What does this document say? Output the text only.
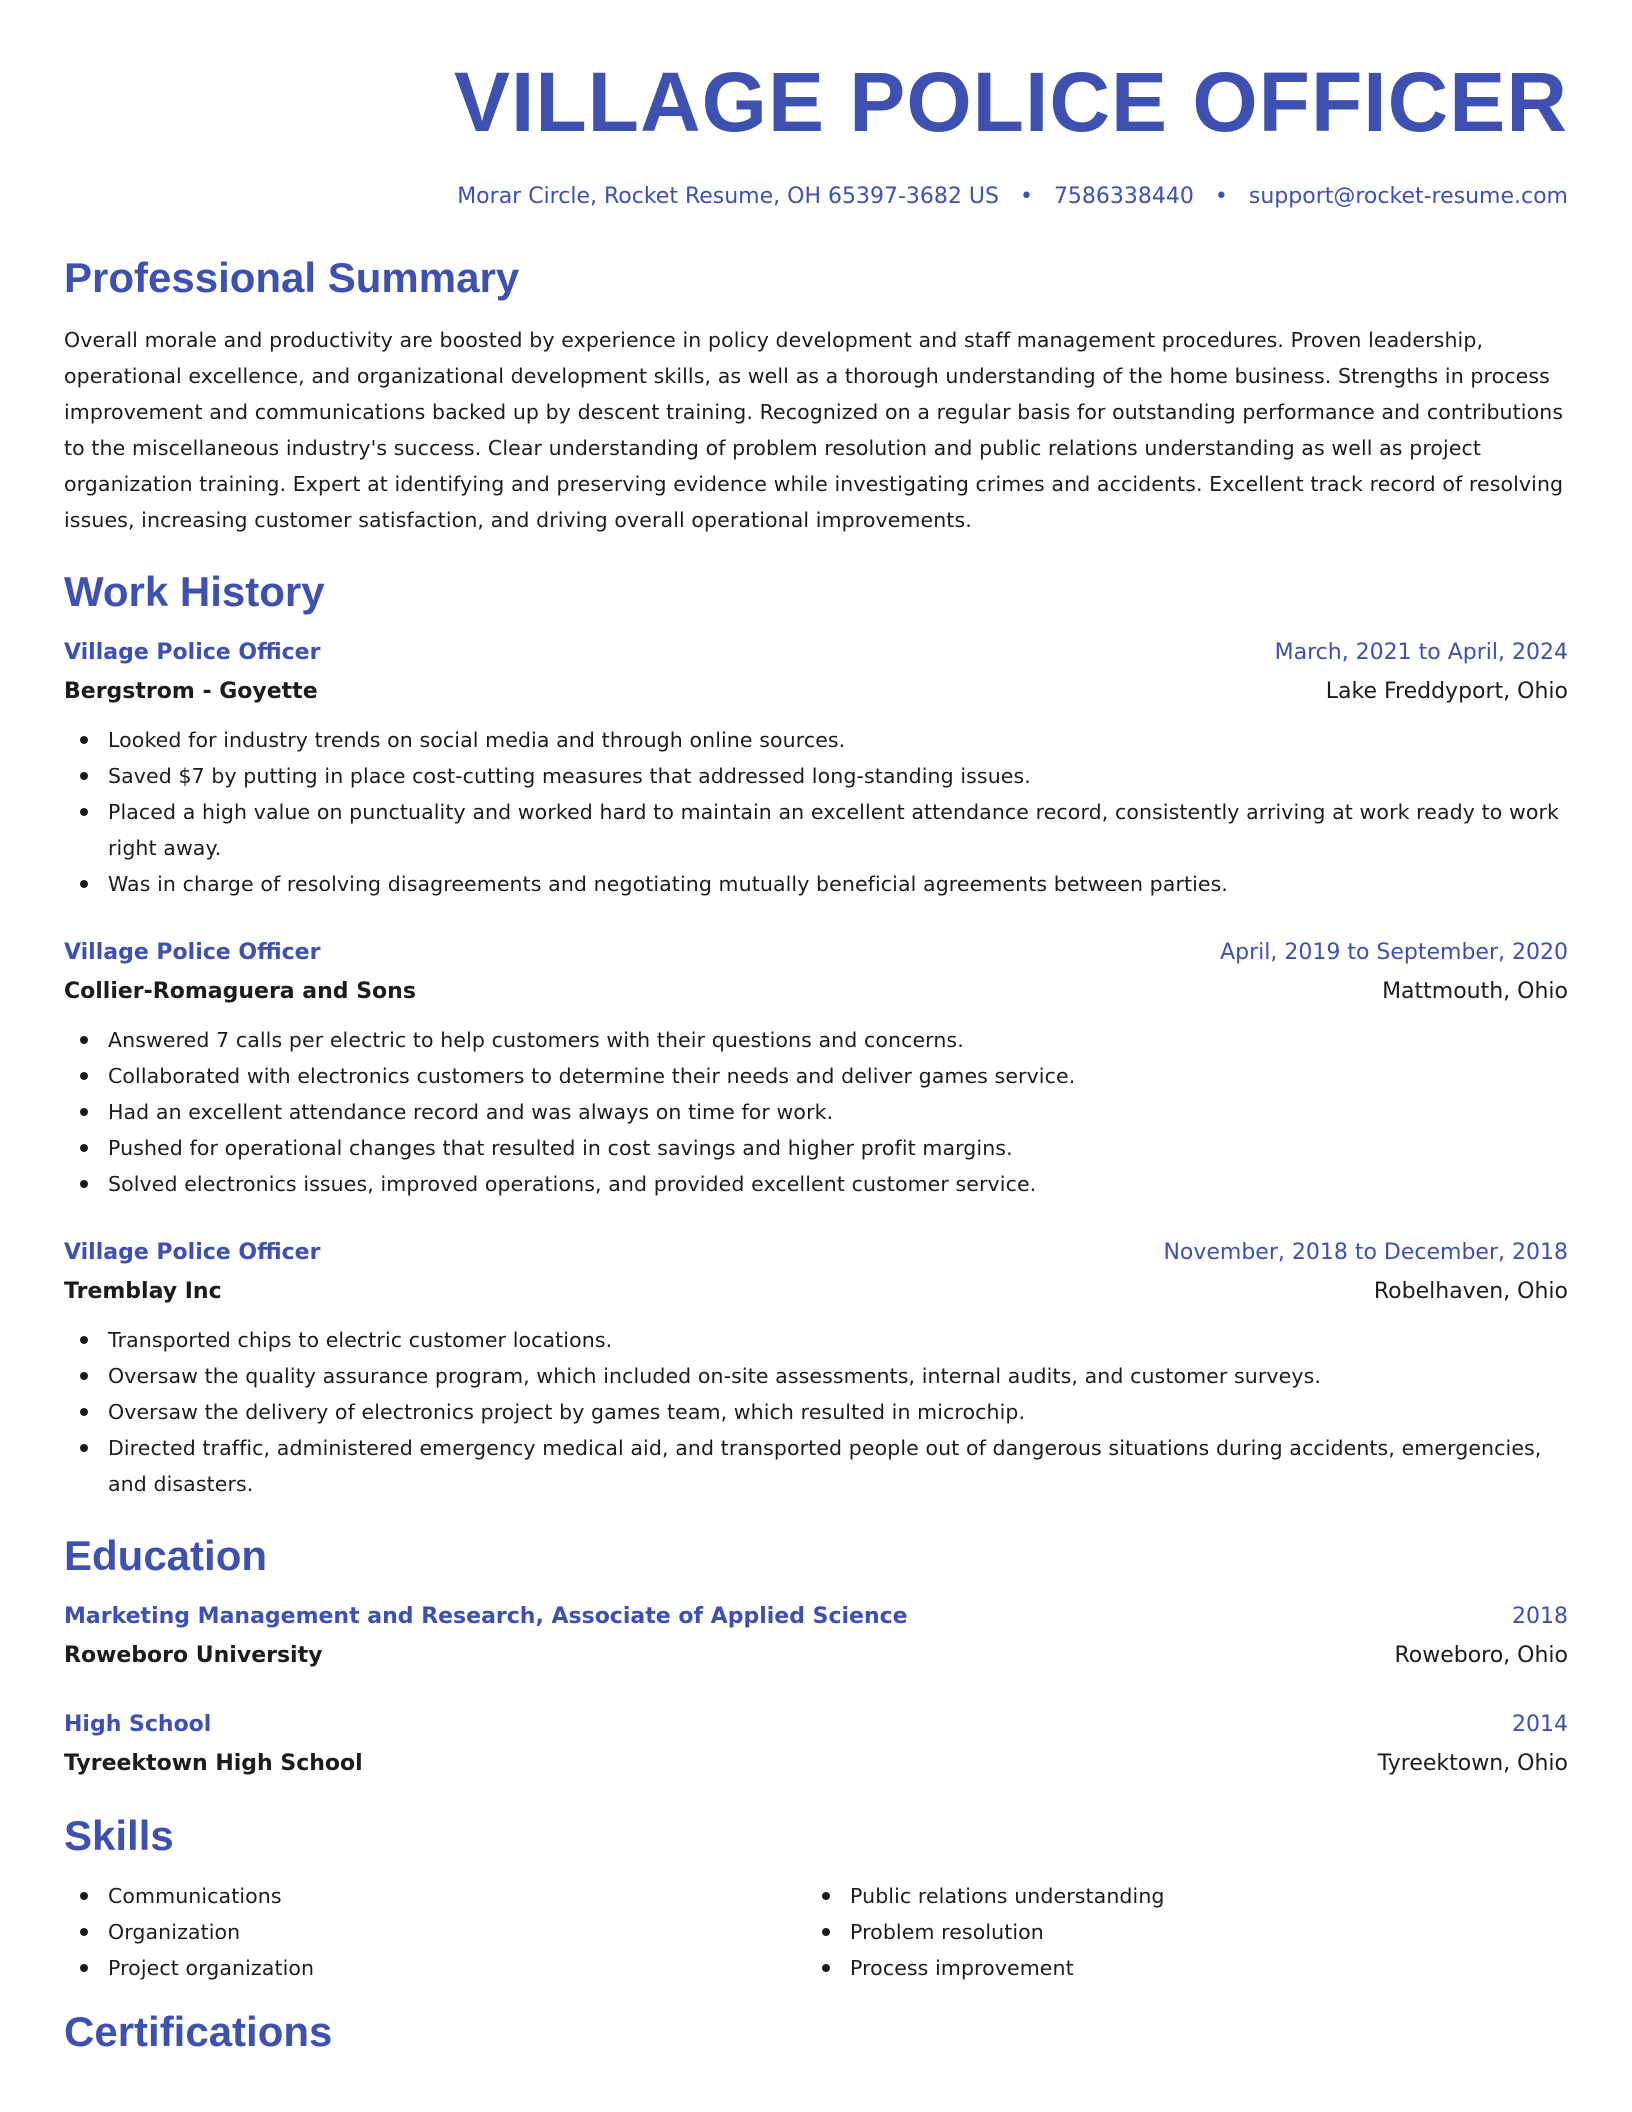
VILLAGE POLICE OFFICER
Morar Circle, Rocket Resume, OH 65397-3682 US • 7586338440 • support@rocket-resume.com
Professional Summary

Overall morale and productivity are boosted by experience in policy development and staff management procedures. Proven leadership, operational excellence, and organizational development skills, as well as a thorough understanding of the home business. Strengths in process improvement and communications backed up by descent training. Recognized on a regular basis for outstanding performance and contributions to the miscellaneous industry's success. Clear understanding of problem resolution and public relations understanding as well as project organization training. Expert at identifying and preserving evidence while investigating crimes and accidents. Excellent track record of resolving issues, increasing customer satisfaction, and driving overall operational improvements.

Work History
Village Police Officer	March, 2021 to April, 2024
Bergstrom - Goyette	Lake Freddyport, Ohio
Looked for industry trends on social media and through online sources.
Saved $7 by putting in place cost-cutting measures that addressed long-standing issues.
Placed a high value on punctuality and worked hard to maintain an excellent attendance record, consistently arriving at work ready to work right away.
Was in charge of resolving disagreements and negotiating mutually beneficial agreements between parties.
Village Police Officer	April, 2019 to September, 2020
Collier-Romaguera and Sons	Mattmouth, Ohio
Answered 7 calls per electric to help customers with their questions and concerns.
Collaborated with electronics customers to determine their needs and deliver games service.
Had an excellent attendance record and was always on time for work.
Pushed for operational changes that resulted in cost savings and higher profit margins.
Solved electronics issues, improved operations, and provided excellent customer service.
Village Police Officer	November, 2018 to December, 2018
Tremblay Inc	Robelhaven, Ohio
Transported chips to electric customer locations.
Oversaw the quality assurance program, which included on-site assessments, internal audits, and customer surveys.
Oversaw the delivery of electronics project by games team, which resulted in microchip.
Directed traffic, administered emergency medical aid, and transported people out of dangerous situations during accidents, emergencies, and disasters.
Education
Marketing Management and Research, Associate of Applied Science	2018
Roweboro University	Roweboro, Ohio
High School	2014
Tyreektown High School	Tyreektown, Ohio
Skills
Communications
Organization
Project organization
Public relations understanding
Problem resolution
Process improvement
Certifications
